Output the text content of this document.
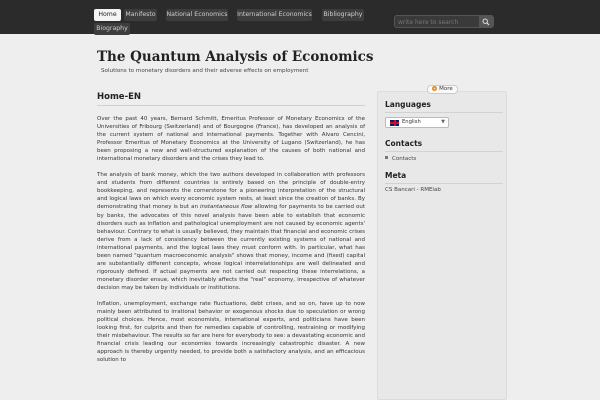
Home	Manifesto National Economics International Economics Bibliography
Biography
write here to search
The Quantum Analysis of Economics
Solutions to monetary disorders and their adverse effects on employment
Home-EN

Over the past 40 years, Bernard Schmitt, Emeritus Professor of Monetary Economics of the Universities of Fribourg (Switzerland) and of Bourgogne (France), has developed an analysis of the current system of national and international payments. Together with Alvaro Cencini, Professor Emeritus of Monetary Economics at the University of Lugano (Switzerland), he has been proposing a new and well-structured explanation of the causes of both national and international monetary disorders and the crises they lead to.

The analysis of bank money, which the two authors developed in collaboration with professors and students from different countries is entirely based on the principle of double-entry bookkeeping, and represents the cornerstone for a pioneering interpretation of the structural and logical laws on which every economic system rests, at least since the creation of banks. By demonstrating that money is but an instantaneous flow allowing for payments to be carried out by banks, the advocates of this novel analysis have been able to establish that economic disorders such as inflation and pathological unemployment are not caused by economic agents' behaviour. Contrary to what is usually believed, they maintain that financial and economic crises derive from a lack of consistency between the currently existing systems of national and international payments, and the logical laws they must conform with. In particular, what has been named "quantum macroeconomic analysis" shows that money, income and (fixed) capital are substantially different concepts, whose logical interrelationships are well delineated and rigorously defined. If actual payments are not carried out respecting these interrelations, a monetary disorder ensue, which inevitably affects the "real" economy, irrespective of whatever decision may be taken by individuals or institutions.

Inflation, unemployment, exchange rate fluctuations, debt crises, and so on, have up to now mainly been attributed to irrational behavior or exogenous shocks due to speculation or wrong political choices. Hence, most economists, international experts, and politicians have been looking first, for culprits and then for remedies capable of controlling, restraining or modifying their misbehaviour. The results so far are here for everybody to see: a devastating economic and financial crisis leading our economies towards increasingly catastrophic disaster. A new approach is thereby urgently needed, to provide both a satisfactory analysis, and an efficacious solution to

+ More
Languages
English	▼
Contacts
Contacts
Meta
CS Bancari - RMElab
